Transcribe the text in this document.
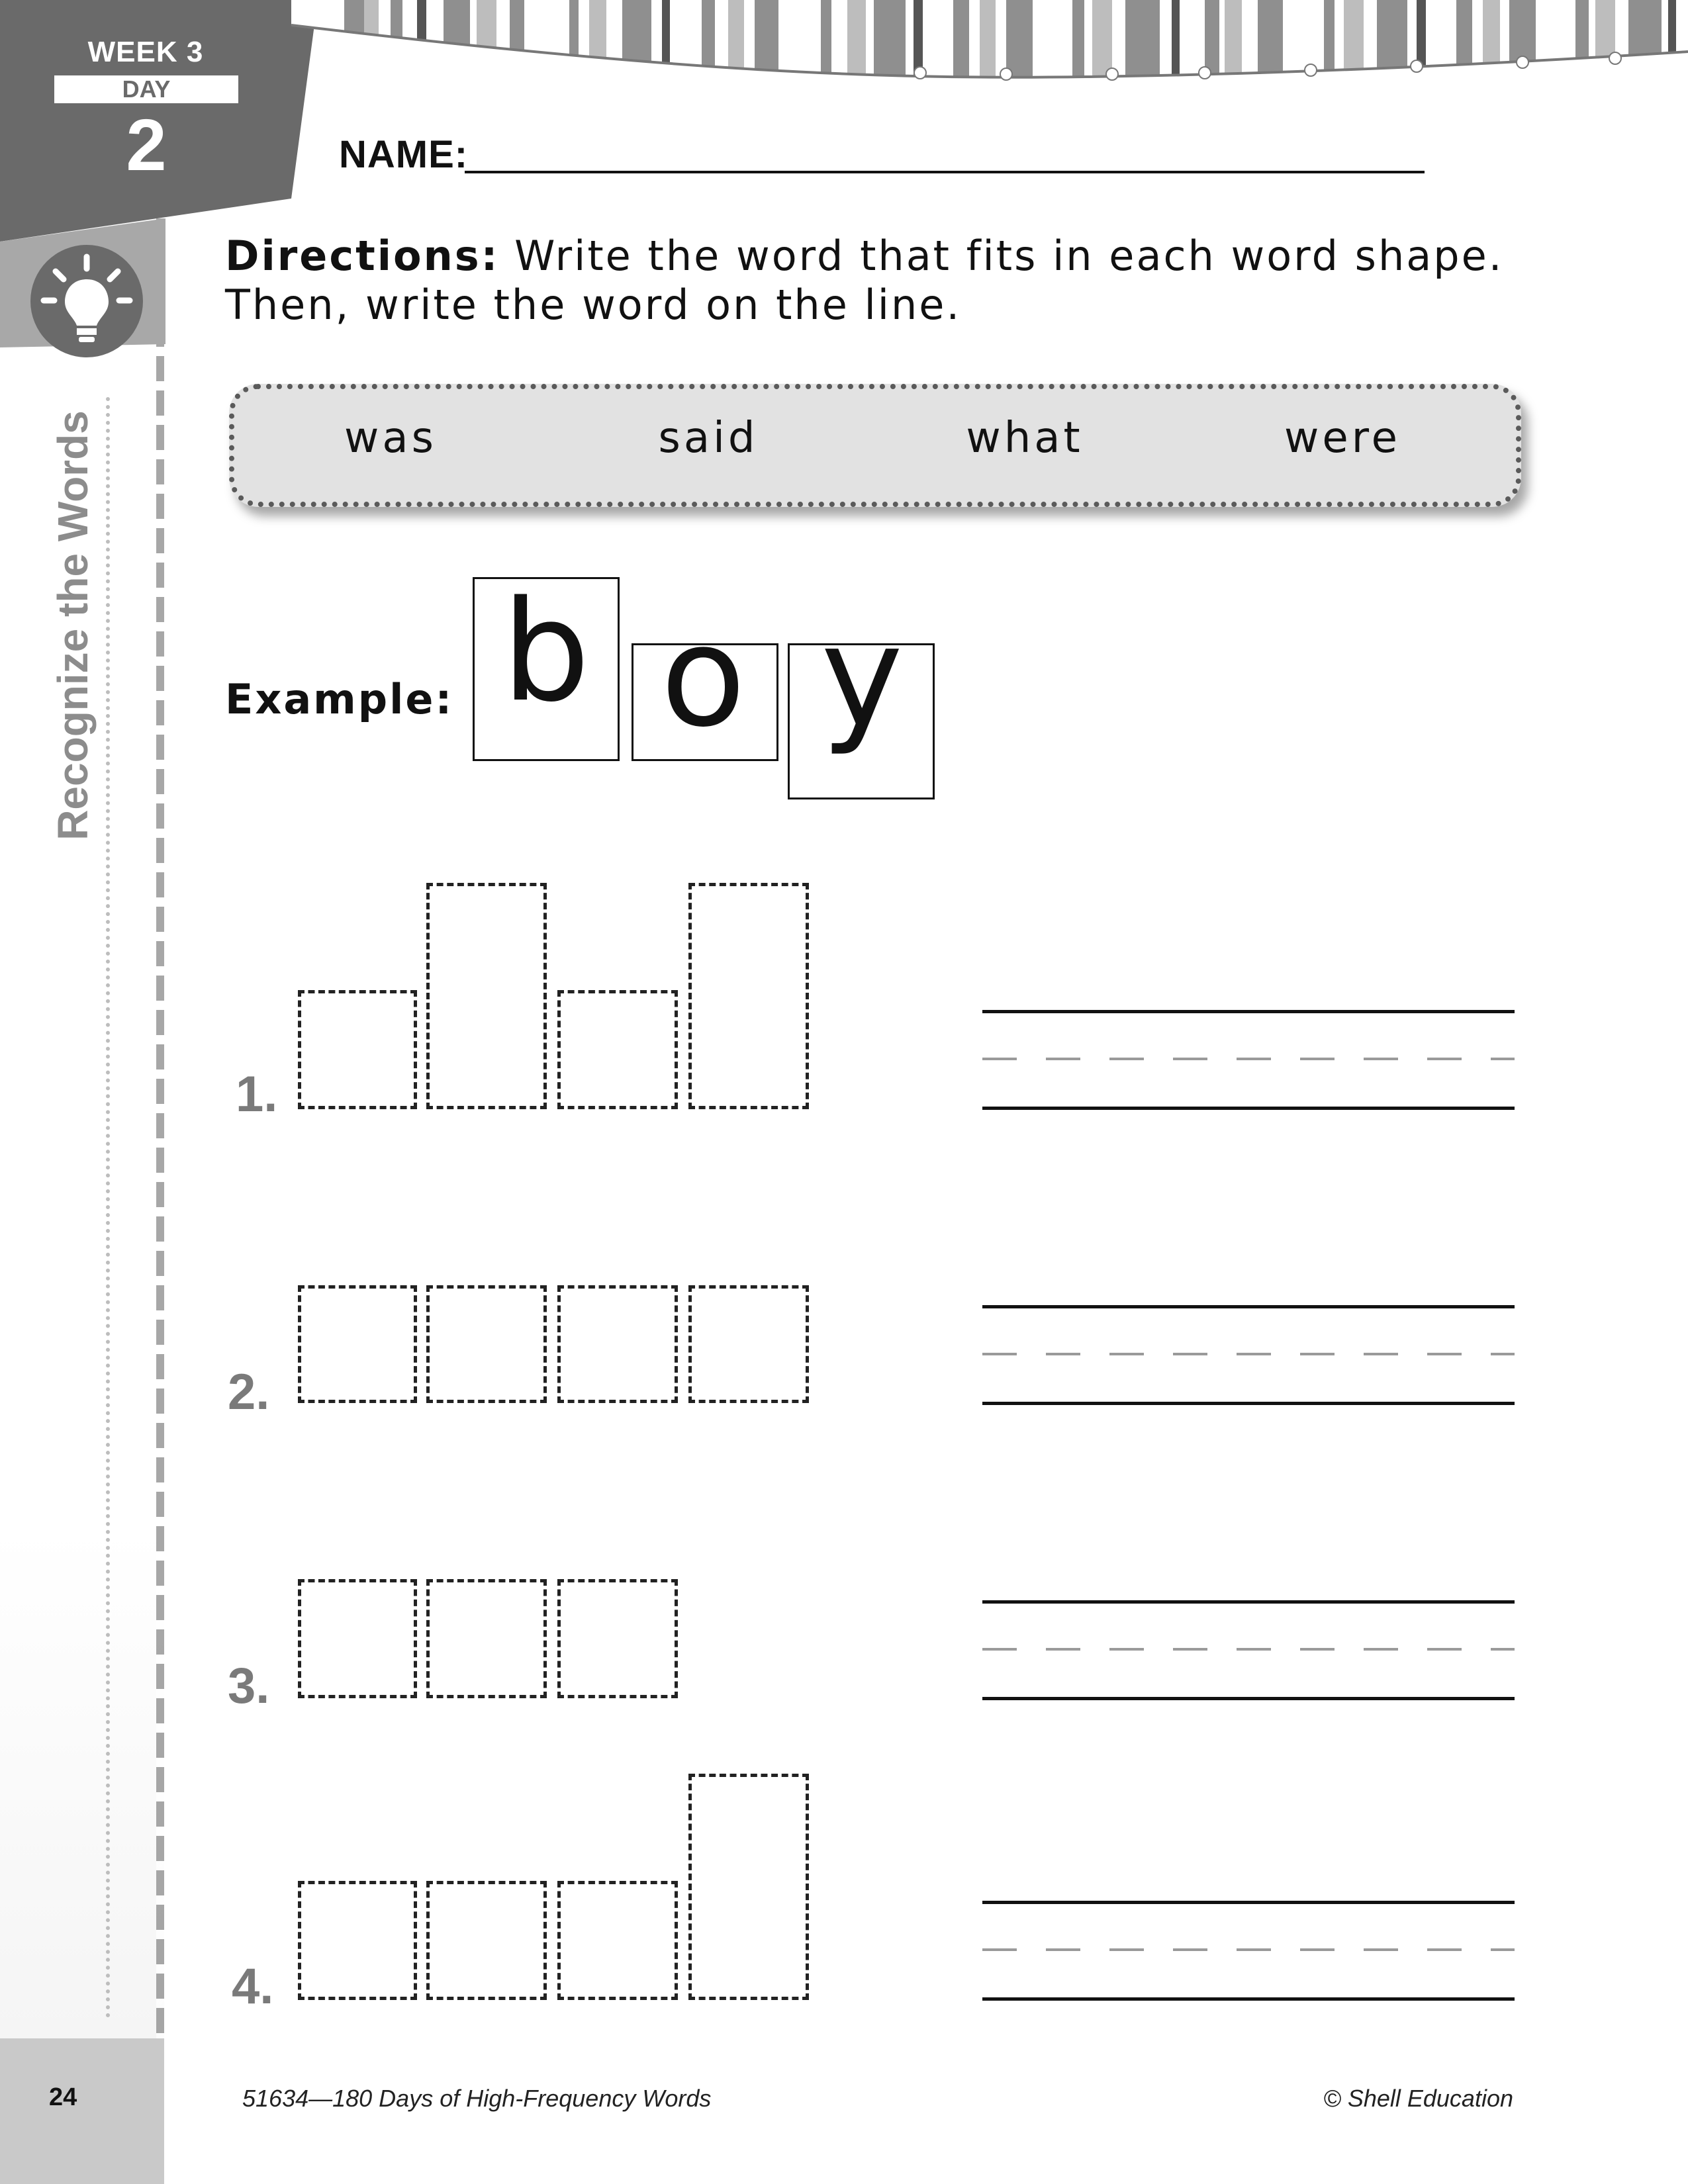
WEEK 3
DAY
2
Recognize the Words
24
NAME:
Directions: Write the word that fits in each word shape.
Then, write the word on the line.
was	said	what	were
Example: b o y
1.
2.
3.
4.
51634—180 Days of High-Frequency Words	© Shell Education
